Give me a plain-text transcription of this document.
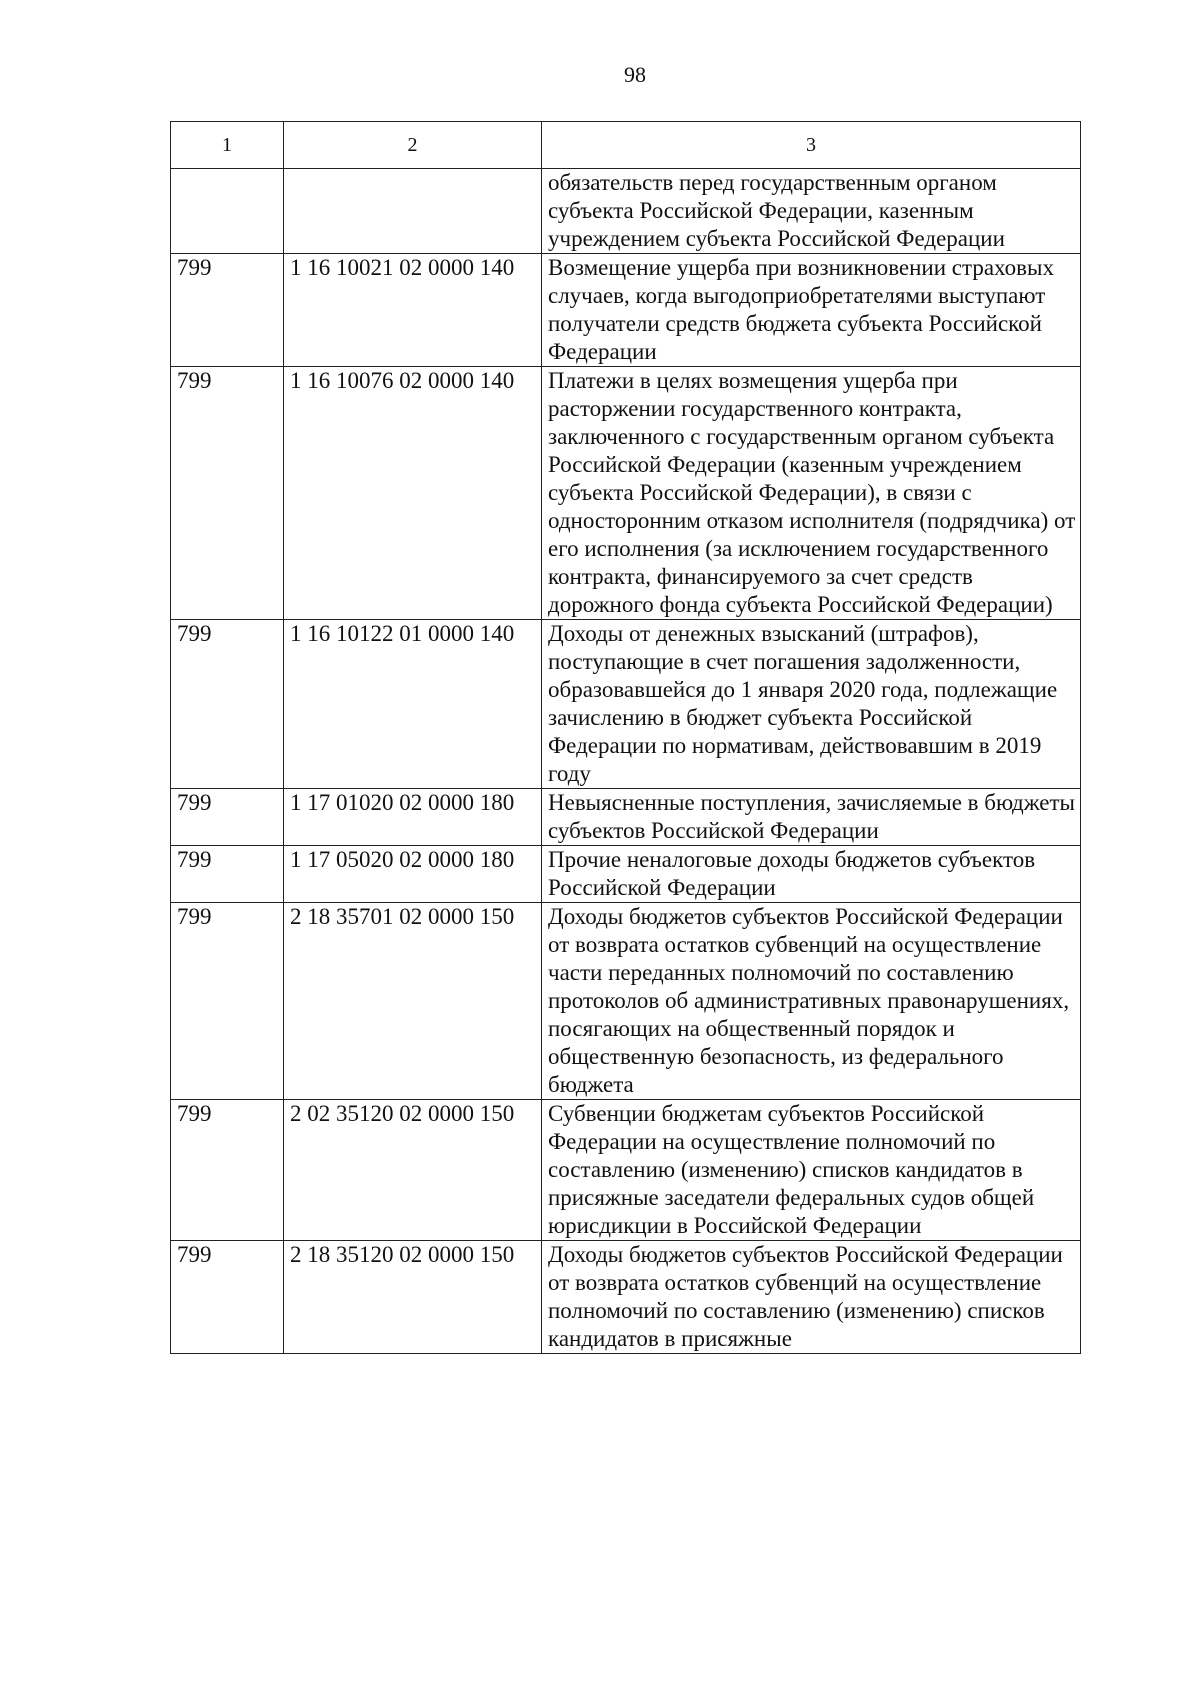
98
1	2	3
		обязательств перед государственным органом субъекта Российской Федерации, казенным учреждением субъекта Российской Федерации
799	1 16 10021 02 0000 140	Возмещение ущерба при возникновении страховых случаев, когда выгодоприобретателями выступают получатели средств бюджета субъекта Российской Федерации
799	1 16 10076 02 0000 140	Платежи в целях возмещения ущерба при расторжении государственного контракта, заключенного с государственным органом субъекта Российской Федерации (казенным учреждением субъекта Российской Федерации), в связи с односторонним отказом исполнителя (подрядчика) от его исполнения (за исключением государственного контракта, финансируемого за счет средств дорожного фонда субъекта Российской Федерации)
799	1 16 10122 01 0000 140	Доходы от денежных взысканий (штрафов), поступающие в счет погашения задолженности, образовавшейся до 1 января 2020 года, подлежащие зачислению в бюджет субъекта Российской Федерации по нормативам, действовавшим в 2019 году
799	1 17 01020 02 0000 180	Невыясненные поступления, зачисляемые в бюджеты субъектов Российской Федерации
799	1 17 05020 02 0000 180	Прочие неналоговые доходы бюджетов субъектов Российской Федерации
799	2 18 35701 02 0000 150	Доходы бюджетов субъектов Российской Федерации от возврата остатков субвенций на осуществление части переданных полномочий по составлению протоколов об административных правонарушениях, посягающих на общественный порядок и общественную безопасность, из федерального бюджета
799	2 02 35120 02 0000 150	Субвенции бюджетам субъектов Российской Федерации на осуществление полномочий по составлению (изменению) списков кандидатов в присяжные заседатели федеральных судов общей юрисдикции в Российской Федерации
799	2 18 35120 02 0000 150	Доходы бюджетов субъектов Российской Федерации от возврата остатков субвенций на осуществление полномочий по составлению (изменению) списков кандидатов в присяжные
